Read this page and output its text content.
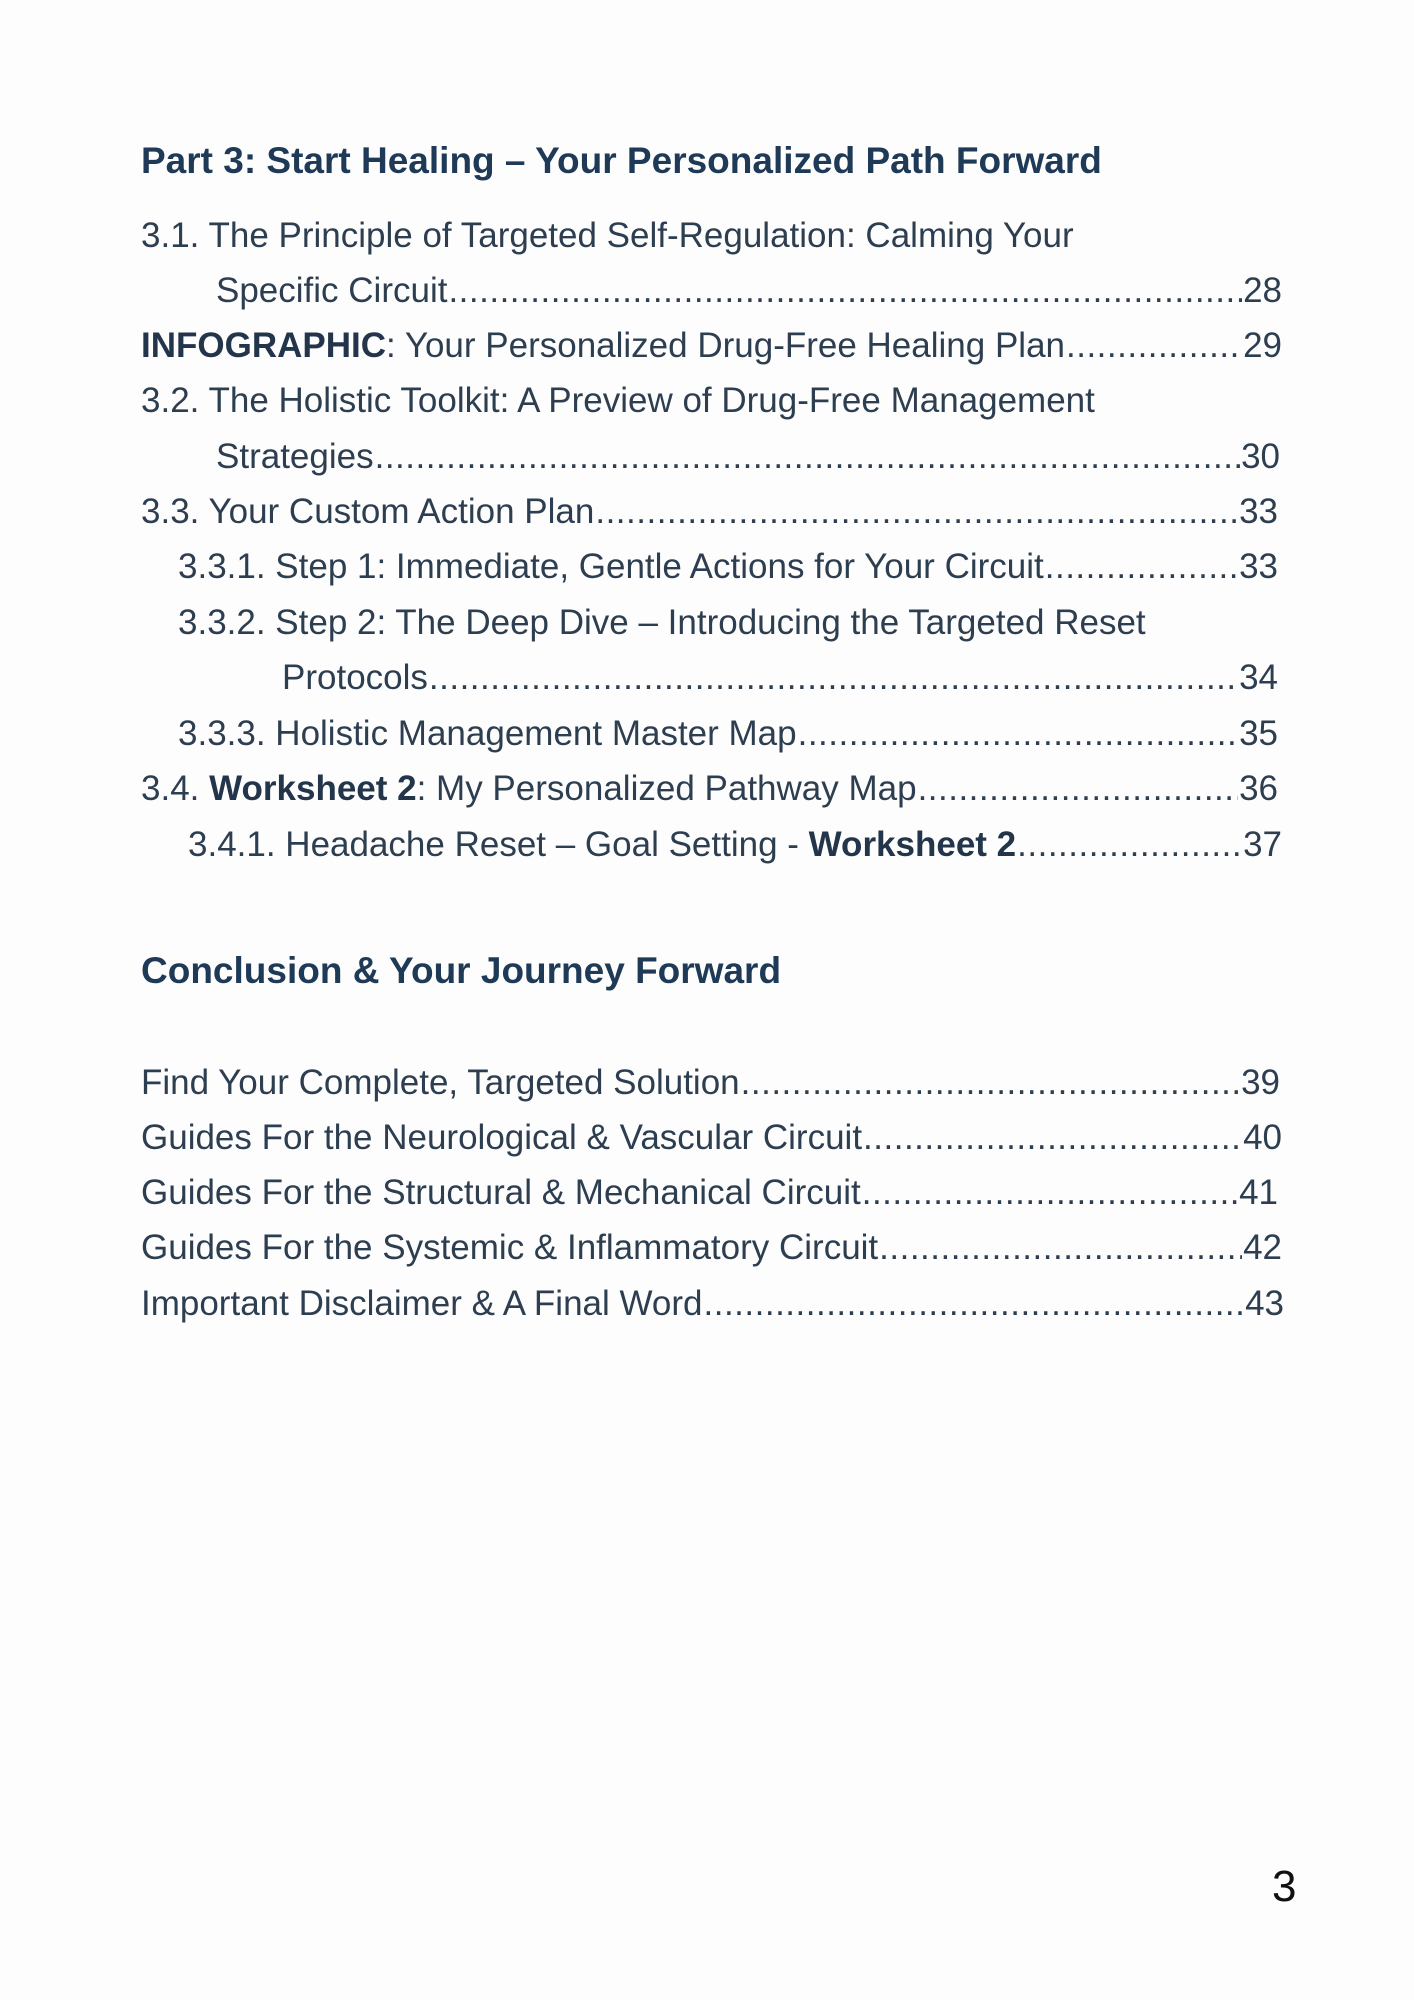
Part 3: Start Healing – Your Personalized Path Forward
3.1. The Principle of Targeted Self-Regulation: Calming Your
Specific Circuit .....	28
INFOGRAPHIC: Your Personalized Drug-Free Healing Plan .....	29
3.2. The Holistic Toolkit: A Preview of Drug-Free Management
Strategies .....	30
3.3. Your Custom Action Plan .....	33
3.3.1. Step 1: Immediate, Gentle Actions for Your Circuit .....	33
3.3.2. Step 2: The Deep Dive – Introducing the Targeted Reset
Protocols .....	34
3.3.3. Holistic Management Master Map .....	35
3.4. Worksheet 2: My Personalized Pathway Map .....	36
3.4.1. Headache Reset – Goal Setting - Worksheet 2 .....	37
Conclusion & Your Journey Forward
Find Your Complete, Targeted Solution .....	39
Guides For the Neurological & Vascular Circuit .....	40
Guides For the Structural & Mechanical Circuit .....	41
Guides For the Systemic & Inflammatory Circuit .....	42
Important Disclaimer & A Final Word .....	43
3
